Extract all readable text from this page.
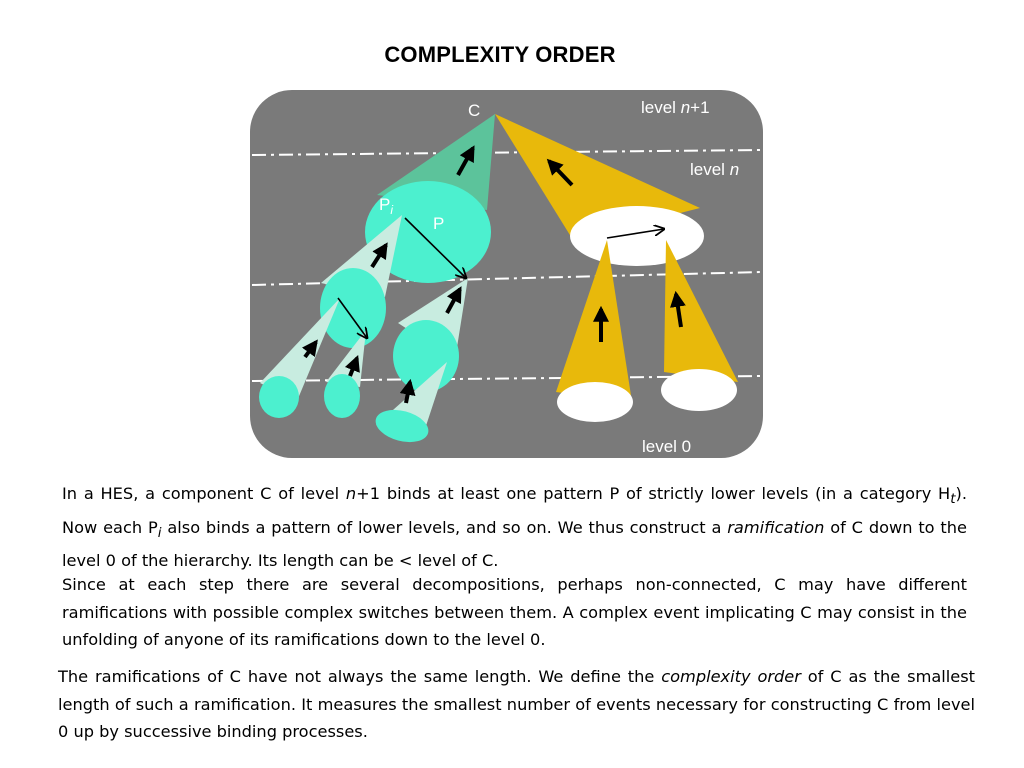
COMPLEXITY ORDER
C	level n+1
level n
level 0
$P_i$
P

In a HES, a component C of level n+1 binds at least one pattern P of strictly lower levels (in a category $H_t$). Now each $P_i$ also binds a pattern of lower levels, and so on. We thus construct a ramification of C down to the level 0 of the hierarchy. Its length can be < level of C.

Since at each step there are several decompositions, perhaps non-connected, C may have different ramifications with possible complex switches between them. A complex event implicating C may consist in the unfolding of anyone of its ramifications down to the level 0.

The ramifications of C have not always the same length. We define the complexity order of C as the smallest length of such a ramification. It measures the smallest number of events necessary for constructing C from level 0 up by successive binding processes.
